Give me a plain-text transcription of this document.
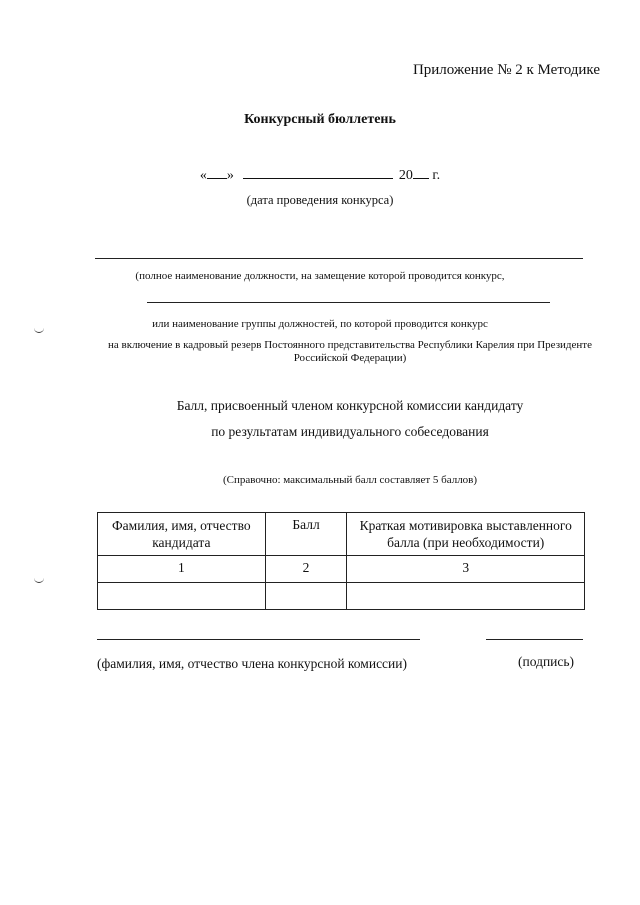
Приложение № 2 к Методике
Конкурсный бюллетень
« »	20 г.
(дата проведения конкурса)
(полное наименование должности, на замещение которой проводится конкурс,
или наименование группы должностей, по которой проводится конкурс
на включение в кадровый резерв Постоянного представительства Республики Карелия при Президенте
Российской Федерации)
Балл, присвоенный членом конкурсной комиссии кандидату
по результатам индивидуального собеседования
(Справочно: максимальный балл составляет 5 баллов)
Фамилия, имя, отчество кандидата	Балл	Краткая мотивировка выставленного балла (при необходимости)
1	2	3

(фамилия, имя, отчество члена конкурсной комиссии)	(подпись)
